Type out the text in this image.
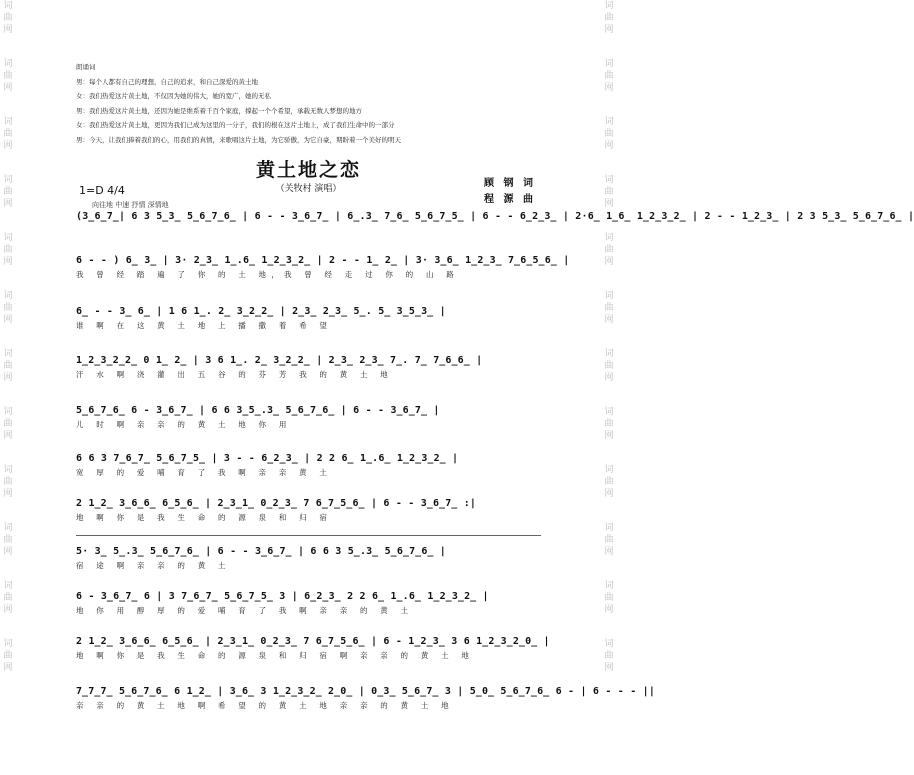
词
曲
网
词
曲
网
词
曲
网
词
曲
网
词
曲
网
词
曲
网
词
曲
网
词
曲
网
词
曲
网
词
曲
网
词
曲
网
词
曲
网
词
曲
网
词
曲
网
词
曲
网
词
曲
网
词
曲
网
词
曲
网
词
曲
网
词
曲
网
词
曲
网
词
曲
网
词
曲
网
词
曲
网
朗诵词
男：每个人都有自己的理想，自己的追求，和自己深爱的黄土地
女：我们热爱这片黄土地，不仅因为她的伟大，她的宽广，她的无私
男：我们热爱这片黄土地，还因为她是维系着千百个家庭，撑起一个个希望，承载无数人梦想的地方
女：我们热爱这片黄土地，更因为我们已成为这里的一分子，我们的根在这片土地上，成了我们生命中的一部分
男：今天，让我们捧着我们的心，用我们的真情，来歌唱这片土地，为它骄傲，为它自豪，期盼着一个美好的明天
黄土地之恋
（关牧村 演唱）	顾 钢 词
程 源 曲
1=D 4/4
向往地 中速 抒情 深情地
(3̲6̲7̲| 6 3 5̲3̲ 5̲6̲7̲6̲ | 6 - - 3̲6̲7̲ | 6̲.3̲ 7̲6̲ 5̲6̲7̲5̲ | 6 - - 6̲2̲3̲ | 2·6̲ 1̲6̲ 1̲2̲3̲2̲ | 2 - - 1̲2̲3̲ | 2 3 5̲3̲ 5̲6̲7̲6̲ |
6 - - ) 6̲ 3̲ | 3· 2̲3̲ 1̲.6̲ 1̲2̲3̲2̲ | 2 - - 1̲ 2̲ | 3· 3̲6̲ 1̲2̲3̲ 7̲6̲5̲6̲ |
我 曾 经 踏 遍 了 你 的 土 地，我 曾 经 走 过 你 的 山 路
6̲ - - 3̲ 6̲ | 1 6 1̲. 2̲ 3̲2̲2̲ | 2̲3̲ 2̲3̲ 5̲. 5̲ 3̲5̲3̲ |
谁 啊 在 这 黄 土 地 上 播 撒 着 希 望
1̲2̲3̲2̲2̲ 0 1̲ 2̲ | 3 6 1̲. 2̲ 3̲2̲2̲ | 2̲3̲ 2̲3̲ 7̲. 7̲ 7̲6̲6̲ |
汗 水 啊 浇 灌 出 五 谷 的 芬 芳 我 的 黄 土 地
5̲6̲7̲6̲ 6 - 3̲6̲7̲ | 6 6 3̲5̲.3̲ 5̲6̲7̲6̲ | 6 - - 3̲6̲7̲ |
儿 时 啊 亲 亲 的 黄 土 地 你 用
6 6 3 7̲6̲7̲ 5̲6̲7̲5̲ | 3 - - 6̲2̲3̲ | 2 2 6̲ 1̲.6̲ 1̲2̲3̲2̲ |
宽 厚 的 爱 哺 育 了 我 啊 亲 亲 黄 土
2 1̲2̲ 3̲6̲6̲ 6̲5̲6̲ | 2̲3̲1̲ 0̲2̲3̲ 7 6̲7̲5̲6̲ | 6 - - 3̲6̲7̲ :|
地 啊 你 是 我 生 命 的 源 泉 和 归 宿
5· 3̲ 5̲.3̲ 5̲6̲7̲6̲ | 6 - - 3̲6̲7̲ | 6 6 3 5̲.3̲ 5̲6̲7̲6̲ |
宿 途 啊 亲 亲 的 黄 土
6 - 3̲6̲7̲ 6 | 3 7̲6̲7̲ 5̲6̲7̲5̲ 3 | 6̲2̲3̲ 2 2 6̲ 1̲.6̲ 1̲2̲3̲2̲ |
地 你 用 醇 厚 的 爱 哺 育 了 我 啊 亲 亲 的 黄 土
2 1̲2̲ 3̲6̲6̲ 6̲5̲6̲ | 2̲3̲1̲ 0̲2̲3̲ 7 6̲7̲5̲6̲ | 6 - 1̲2̲3̲ 3 6 1̲2̲3̲2̲0̲ |
地 啊 你 是 我 生 命 的 源 泉 和 归 宿 啊 亲 亲 的 黄 土 地
7̲7̲7̲ 5̲6̲7̲6̲ 6 1̲2̲ | 3̲6̲ 3 1̲2̲3̲2̲ 2̲0̲ | 0̲3̲ 5̲6̲7̲ 3 | 5̲0̲ 5̲6̲7̲6̲ 6 - | 6 - - - ||
亲 亲 的 黄 土 地 啊 希 望 的 黄 土 地 亲 亲 的 黄 土 地
